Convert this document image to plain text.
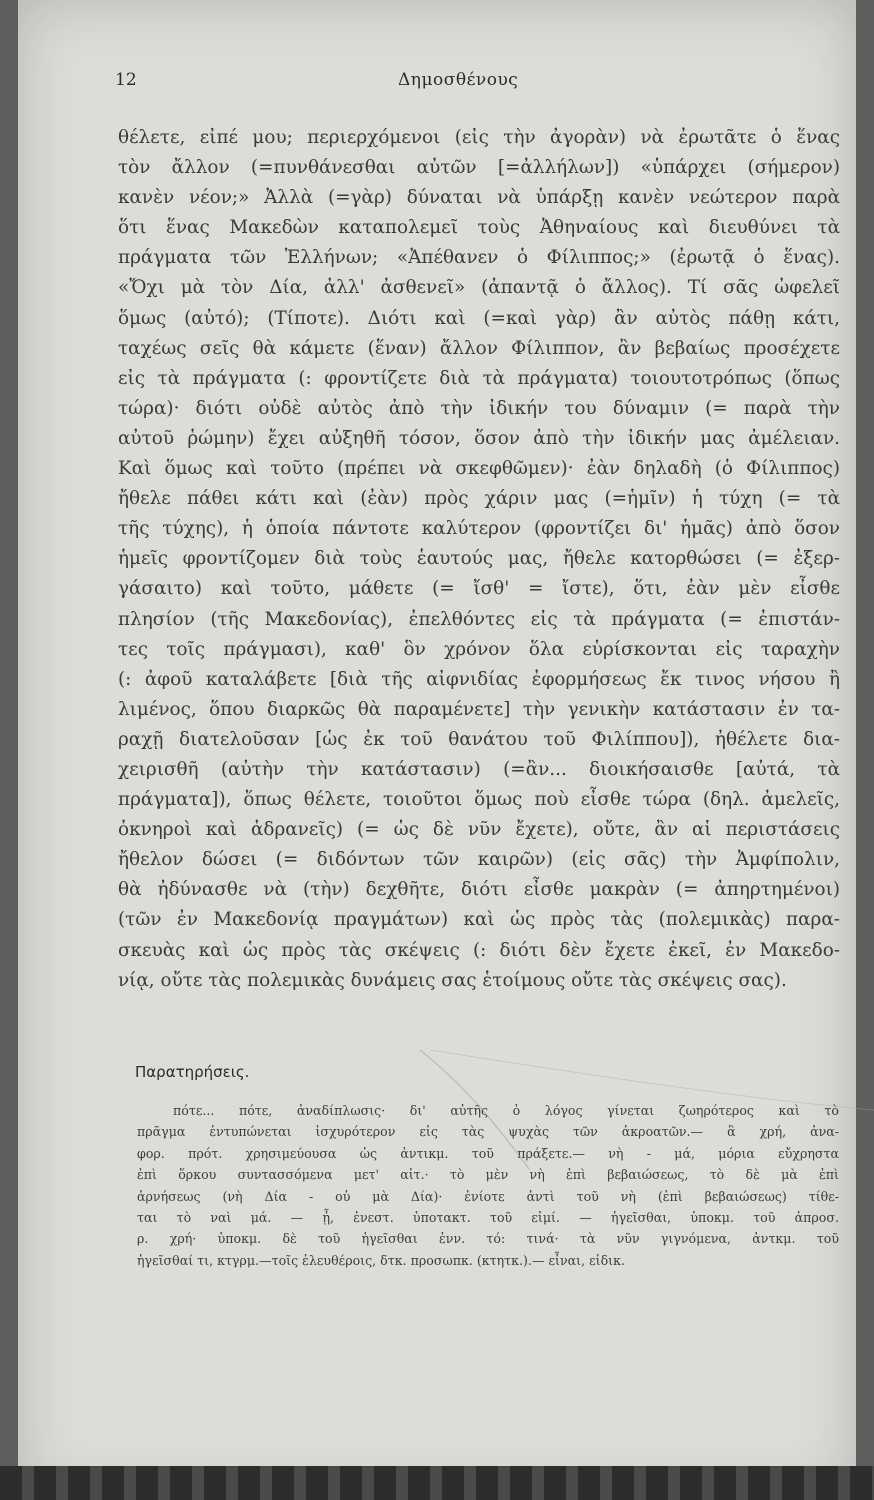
12	Δημοσθένους
θέλετε, εἰπέ μου; περιερχόμενοι (εἰς τὴν ἀγορὰν) νὰ ἐρωτᾶτε ὁ ἕνας
τὸν ἄλλον (=πυνθάνεσθαι αὐτῶν [=ἀλλήλων]) «ὑπάρχει (σήμερον)
κανὲν νέον;» Ἀλλὰ (=γὰρ) δύναται νὰ ὑπάρξῃ κανὲν νεώτερον παρὰ
ὅτι ἕνας Μακεδὼν καταπολεμεῖ τοὺς Ἀθηναίους καὶ διευθύνει τὰ
πράγματα τῶν Ἑλλήνων; «Ἀπέθανεν ὁ Φίλιππος;» (ἐρωτᾷ ὁ ἕνας).
«Ὄχι μὰ τὸν Δία, ἀλλ' ἀσθενεῖ» (ἀπαντᾷ ὁ ἄλλος). Τί σᾶς ὠφελεῖ
ὅμως (αὐτό); (Τίποτε). Διότι καὶ (=καὶ γὰρ) ἂν αὐτὸς πάθῃ κάτι,
ταχέως σεῖς θὰ κάμετε (ἕναν) ἄλλον Φίλιππον, ἂν βεβαίως προσέχετε
εἰς τὰ πράγματα (: φροντίζετε διὰ τὰ πράγματα) τοιουτοτρόπως (ὅπως
τώρα)· διότι οὐδὲ αὐτὸς ἀπὸ τὴν ἰδικήν του δύναμιν (= παρὰ τὴν
αὐτοῦ ῥώμην) ἔχει αὐξηθῆ τόσον, ὅσον ἀπὸ τὴν ἰδικήν μας ἀμέλειαν.
Καὶ ὅμως καὶ τοῦτο (πρέπει νὰ σκεφθῶμεν)· ἐὰν δηλαδὴ (ὁ Φίλιππος)
ἤθελε πάθει κάτι καὶ (ἐὰν) πρὸς χάριν μας (=ἡμῖν) ἡ τύχη (= τὰ
τῆς τύχης), ἡ ὁποία πάντοτε καλύτερον (φροντίζει δι' ἡμᾶς) ἀπὸ ὅσον
ἡμεῖς φροντίζομεν διὰ τοὺς ἑαυτούς μας, ἤθελε κατορθώσει (= ἐξερ-
γάσαιτο) καὶ τοῦτο, μάθετε (= ἴσθ' = ἴστε), ὅτι, ἐὰν μὲν εἶσθε
πλησίον (τῆς Μακεδονίας), ἐπελθόντες εἰς τὰ πράγματα (= ἐπιστάν-
τες τοῖς πράγμασι), καθ' ὃν χρόνον ὅλα εὑρίσκονται εἰς ταραχὴν
(: ἀφοῦ καταλάβετε [διὰ τῆς αἰφνιδίας ἐφορμήσεως ἔκ τινος νήσου ἢ
λιμένος, ὅπου διαρκῶς θὰ παραμένετε] τὴν γενικὴν κατάστασιν ἐν τα-
ραχῇ διατελοῦσαν [ὡς ἐκ τοῦ θανάτου τοῦ Φιλίππου]), ἠθέλετε δια-
χειρισθῆ (αὐτὴν τὴν κατάστασιν) (=ἂν... διοικήσαισθε [αὐτά, τὰ
πράγματα]), ὅπως θέλετε, τοιοῦτοι ὅμως ποὺ εἶσθε τώρα (δηλ. ἀμελεῖς,
ὀκνηροὶ καὶ ἀδρανεῖς) (= ὡς δὲ νῦν ἔχετε), οὔτε, ἂν αἱ περιστάσεις
ἤθελον δώσει (= διδόντων τῶν καιρῶν) (εἰς σᾶς) τὴν Ἀμφίπολιν,
θὰ ἠδύνασθε νὰ (τὴν) δεχθῆτε, διότι εἶσθε μακρὰν (= ἀπηρτημένοι)
(τῶν ἐν Μακεδονίᾳ πραγμάτων) καὶ ὡς πρὸς τὰς (πολεμικὰς) παρα-
σκευὰς καὶ ὡς πρὸς τὰς σκέψεις (: διότι δὲν ἔχετε ἐκεῖ, ἐν Μακεδο-
νίᾳ, οὔτε τὰς πολεμικὰς δυνάμεις σας ἑτοίμους οὔτε τὰς σκέψεις σας).
Παρατηρήσεις.
πότε... πότε, ἀναδίπλωσις· δι' αὐτῆς ὁ λόγος γίνεται ζωηρότερος καὶ τὸ
πρᾶγμα ἐντυπώνεται ἰσχυρότερον εἰς τὰς ψυχὰς τῶν ἀκροατῶν.— ἃ χρή, ἀνα-
φορ. πρότ. χρησιμεύουσα ὡς ἀντικμ. τοῦ πράξετε.— νὴ - μά, μόρια εὔχρηστα
ἐπὶ ὅρκου συντασσόμενα μετ' αἰτ.· τὸ μὲν νὴ ἐπὶ βεβαιώσεως, τὸ δὲ μὰ ἐπὶ
ἀρνήσεως (νὴ Δία - οὐ μὰ Δία)· ἐνίοτε ἀντὶ τοῦ νὴ (ἐπὶ βεβαιώσεως) τίθε-
ται τὸ ναὶ μά. — ᾖ, ἐνεστ. ὑποτακτ. τοῦ εἰμί. — ἡγεῖσθαι, ὑποκμ. τοῦ ἀπροσ.
ρ. χρή· ὑποκμ. δὲ τοῦ ἡγεῖσθαι ἐνν. τό: τινά· τὰ νῦν γιγνόμενα, ἀντκμ. τοῦ
ἡγεῖσθαί τι, κτγρμ.—τοῖς ἐλευθέροις, δτκ. προσωπκ. (κτητκ.).— εἶναι, εἰδικ.
